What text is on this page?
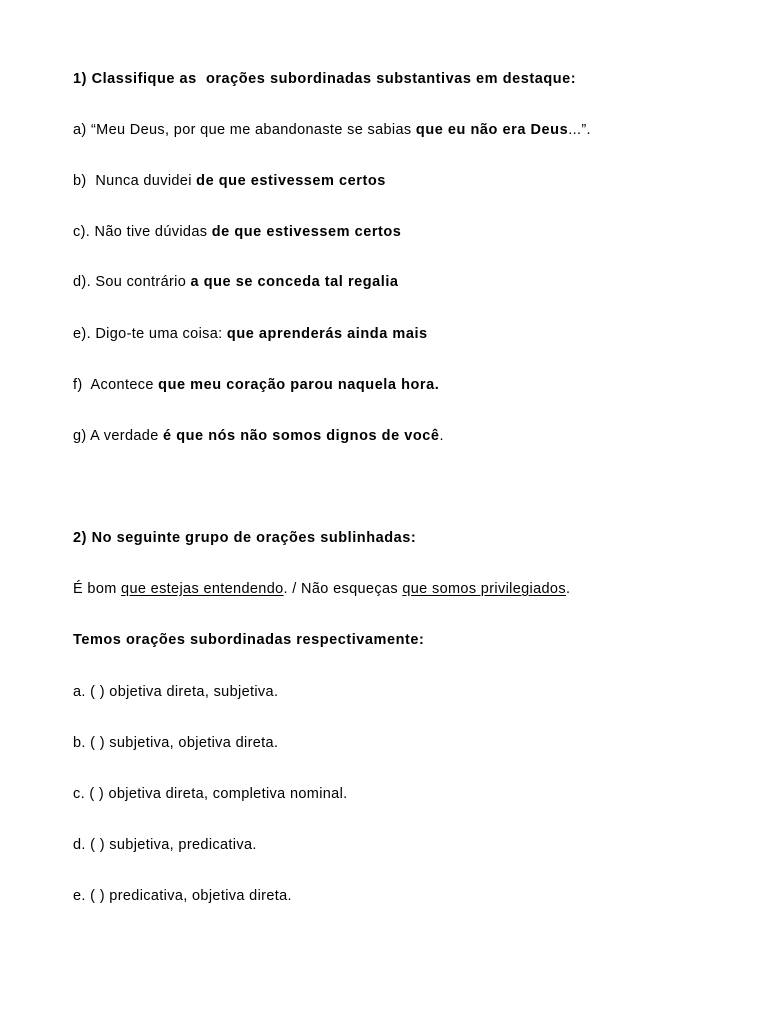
1) Classifique as  orações subordinadas substantivas em destaque:
a) “Meu Deus, por que me abandonaste se sabias que eu não era Deus...”.
b)  Nunca duvidei de que estivessem certos
c). Não tive dúvidas de que estivessem certos
d). Sou contrário a que se conceda tal regalia
e). Digo-te uma coisa: que aprenderás ainda mais
f)  Acontece que meu coração parou naquela hora.
g) A verdade é que nós não somos dignos de você.
2) No seguinte grupo de orações sublinhadas:
É bom que estejas entendendo. / Não esqueças que somos privilegiados.
Temos orações subordinadas respectivamente:
a. ( ) objetiva direta, subjetiva.
b. ( ) subjetiva, objetiva direta.
c. ( ) objetiva direta, completiva nominal.
d. ( ) subjetiva, predicativa.
e. ( ) predicativa, objetiva direta.
